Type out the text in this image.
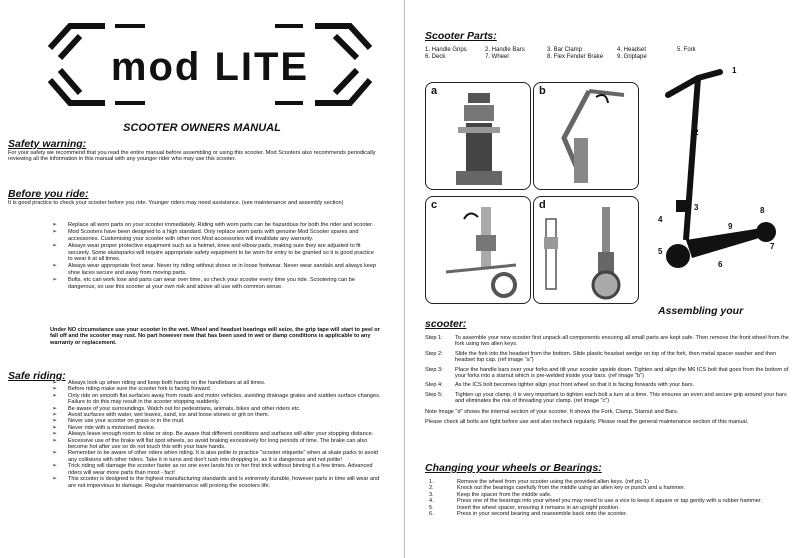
mod LITE
SCOOTER OWNERS MANUAL
Safety warning:
For your safety we recommend that you read the entire manual before assembling or using this scooter. Mod Scooters also recommends periodically reviewing all the information in this manual with any younger rider who may use this scooter.
Before you ride:
It is good practice to check your scooter before you ride. Younger riders may need assistance. (see maintenance and assembly section)
➢ Replace all worn parts on your scooter immediately. Riding with worn parts can be hazardous for both the rider and scooter.
➢ Mod Scooters have been designed to a high standard. Only replace worn parts with genuine Mod Scooter spares and accessories. Customising your scooter with other non Mod accessories will invalidate any warranty.
➢ Always wear proper protective equipment such as a helmet, knee and elbow pads, making sure they are adjusted to fit securely. Some skateparks will require appropriate safety equipment to be worn for entry to be granted so it is good practice to wear it at all times.
➢ Always wear appropriate foot wear. Never try riding without shoes or in loose footwear. Never wear sandals and always keep shoe laces secure and away from moving parts.
➢ Bolts, etc can work lose and parts can wear over time, so check your scooter every time you ride. Scootering can be dangerous, so use this scooter at your own risk and above all use with common sense.
Under NO circumstance use your scooter in the wet. Wheel and headset bearings will seize, the grip tape will start to peel or fall off and the scooter may rust. No part however new that has been used in wet or damp conditions is applicable to any warranty or replacement.
Safe riding:
➢ Always look up when riding and keep both hands on the handlebars at all times.
➢ Before riding make sure the scooter fork is facing forward.
➢ Only ride on smooth flat surfaces away from roads and motor vehicles, avoiding drainage grates and sudden surface changes. Failure to do this may result in the scooter stopping suddenly.
➢ Be aware of your surroundings. Watch out for pedestrians, animals, bikes and other riders etc.
➢ Avoid surfaces with water, wet leaves, sand, ice and loose stones or grit on them.
➢ Never use your scooter on grass or in the mud.
➢ Never ride with a motorised device.
➢ Always leave enough room to slow or stop. Be aware that different conditions and surfaces will alter your stopping distance.
➢ Excessive use of the brake will flat spot wheels, so avoid braking excessively for long periods of time. The brake can also become hot after use so do not touch this with your bare hands.
➢ Remember to be aware of other riders when riding. It is also polite to practice "scooter etiquette" when at skate parks to avoid any collisions with other riders. Take it in turns and don't rush into dropping in, as it is dangerous and not polite!
➢ Trick riding will damage the scooter faster as no one ever lands his or her first trick without binning it a few times. Advanced riders will wear more parts than most - fact!
➢ This scooter is designed to the highest manufacturing standards and is extremely durable, however parts in time will wear and are not impervious to damage. Regular maintenance will prolong the scooters life.
Scooter Parts:
1. Handle Grips	2. Handle Bars	3. Bar Clamp	4. Headset	5. Fork
6. Deck	7. Wheel	8. Flex Fender Brake	9. Griptape
a	b
c	d
1
2
3
4
5
6
7
8
9
Assembling your
scooter:
Step 1: To assemble your new scooter first unpack all components ensuring all small parts are kept safe. Then remove the front wheel from the fork using two allen keys.
Step 2: Slide the fork into the headset from the bottom. Slide plastic headset wedge on top of the fork, then metal spacer washer and then headset top cap. (ref image "a")
Step 3: Place the handle bars over your forks and tilt your scooter upside down. Tighten and align the M6 ICS bolt that goes from the bottom of your forks into a starnut which is pre-welded inside your bars. (ref image "b")
Step 4: As the ICS bolt becomes tighter align your front wheel so that it is facing forwards with your bars.
Step 5: Tighten up your clamp, it is very important to tighten each bolt a turn at a time. This ensures an even and secure grip around your bars and eliminates the risk of threading your clamp. (ref image "c")
Note Image "d" shows the internal section of your scooter. It shows the Fork, Clamp, Starnut and Bars.
Please check all bolts are tight before use and also recheck regularly. Please read the general maintenance section of this manual.
Changing your wheels or Bearings:
1.	Remove the wheel from your scooter using the provided allen keys. (ref pic 1)
2.	Knock out the bearings carefully from the middle using an allen key or punch and a hammer.
3.	Keep the spacer from the middle safe.
4.	Press one of the bearings into your wheel you may need to use a vice to keep it square or tap gently with a rubber hammer.
5.	Insert the wheel spacer, ensuring it remains in an upright position.
6.	Press in your second bearing and reassemble back onto the scooter.
